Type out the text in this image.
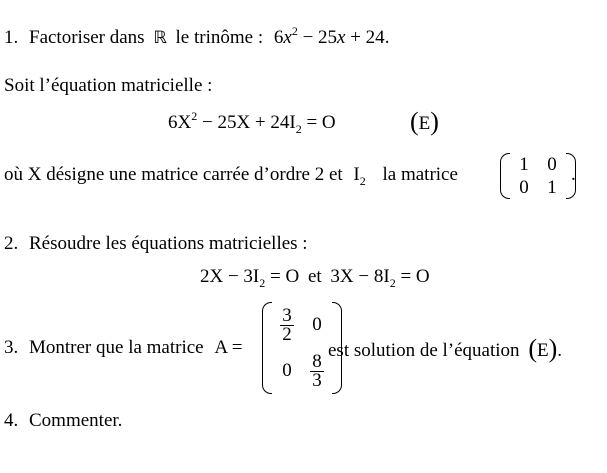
1. Factoriser dans ℝ le trinôme : $6x^2 - 25x + 24$.
Soit l’équation matricielle :
$6X^2 - 25X + 24I_2 = O$	(E)
où X désigne une matrice carrée d’ordre 2 et $I_2$ la matrice	1 0
0 1
.
2. Résoudre les équations matricielles :
$2X - 3I_2 = O$ et $3X - 8I_2 = O$
3. Montrer que la matrice A =
$\frac{3}{2} 0$
$0 \frac{8}{3}$
est solution de l’équation (E).
4. Commenter.
